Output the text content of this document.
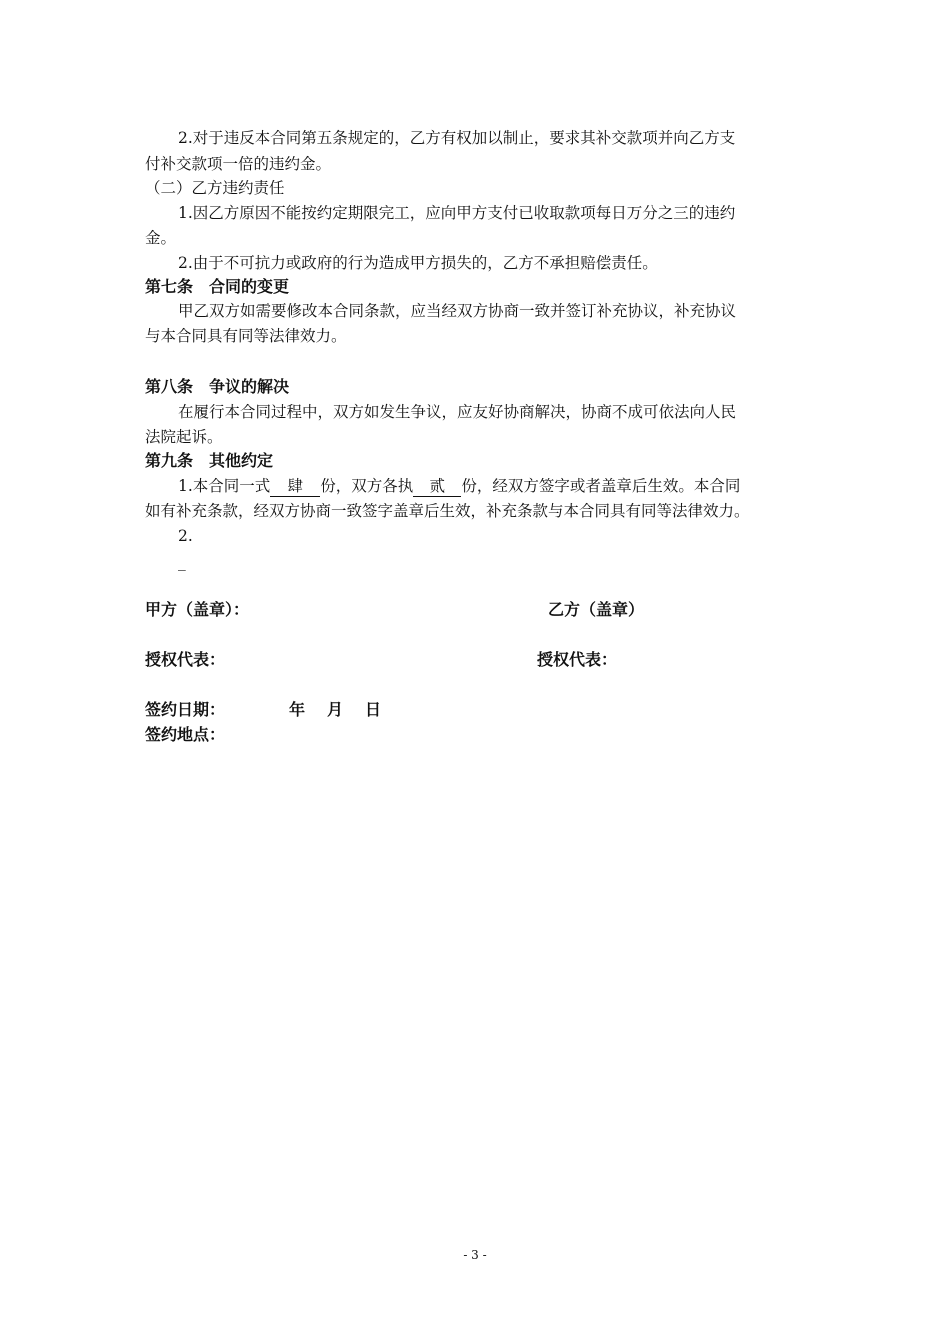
2.对于违反本合同第五条规定的，乙方有权加以制止，要求其补交款项并向乙方支
付补交款项一倍的违约金。
（二）乙方违约责任
1.因乙方原因不能按约定期限完工，应向甲方支付已收取款项每日万分之三的违约
金。
2.由于不可抗力或政府的行为造成甲方损失的，乙方不承担赔偿责任。
第七条　合同的变更
甲乙双方如需要修改本合同条款，应当经双方协商一致并签订补充协议，补充协议
与本合同具有同等法律效力。
第八条　争议的解决
在履行本合同过程中，双方如发生争议，应友好协商解决，协商不成可依法向人民
法院起诉。
第九条　其他约定
1.本合同一式 肆 份，双方各执 贰 份，经双方签字或者盖章后生效。本合同
如有补充条款，经双方协商一致签字盖章后生效，补充条款与本合同具有同等法律效力。
2.
_
甲方（盖章）：	乙方（盖章）
授权代表：	授权代表：
签约日期：	年 月 日
签约地点：
- 3 -
